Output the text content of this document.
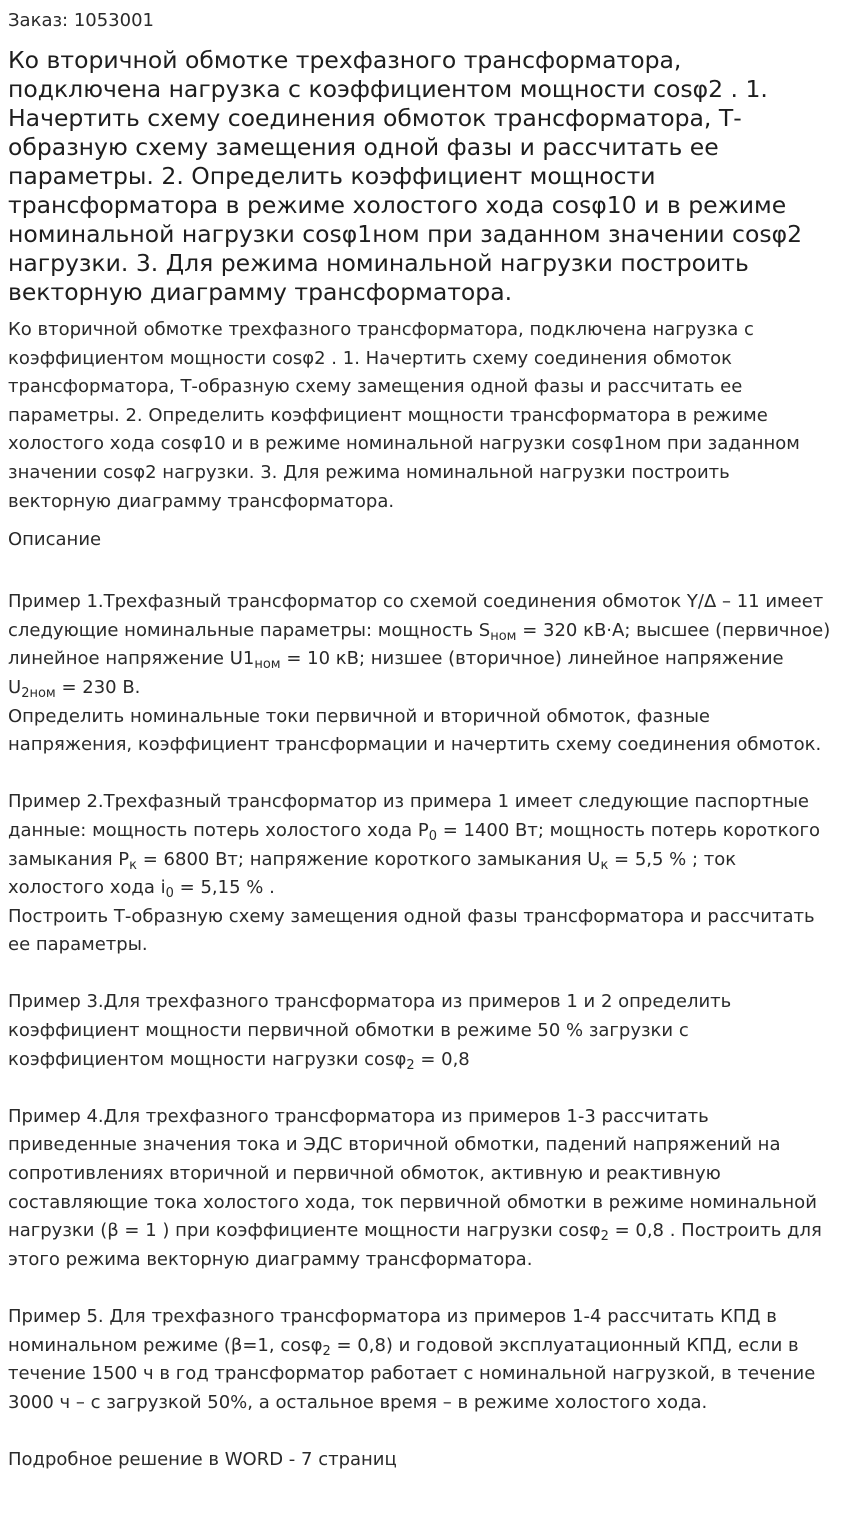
Заказ: 1053001
Ко вторичной обмотке трехфазного трансформатора, подключена нагрузка с коэффициентом мощности cosφ2 . 1. Начертить схему соединения обмоток трансформатора, Т-образную схему замещения одной фазы и рассчитать ее параметры. 2. Определить коэффициент мощности трансформатора в режиме холостого хода cosφ10 и в режиме номинальной нагрузки cosφ1ном при заданном значении cosφ2 нагрузки. 3. Для режима номинальной нагрузки построить векторную диаграмму трансформатора.

Ко вторичной обмотке трехфазного трансформатора, подключена нагрузка с коэффициентом мощности cosφ2 . 1. Начертить схему соединения обмоток трансформатора, Т-образную схему замещения одной фазы и рассчитать ее параметры. 2. Определить коэффициент мощности трансформатора в режиме холостого хода cosφ10 и в режиме номинальной нагрузки cosφ1ном при заданном значении cosφ2 нагрузки. 3. Для режима номинальной нагрузки построить векторную диаграмму трансформатора.

Описание

Пример 1.Трехфазный трансформатор со схемой соединения обмоток Y/Δ – 11 имеет следующие номинальные параметры: мощность $S_{ном} = 320$ кВ·А; высшее (первичное) линейное напряжение $U1_{ном} = 10$ кВ; низшее (вторичное) линейное напряжение $U_{2ном} = 230$ В.
Определить номинальные токи первичной и вторичной обмоток, фазные напряжения, коэффициент трансформации и начертить схему соединения обмоток.

Пример 2.Трехфазный трансформатор из примера 1 имеет следующие паспортные данные: мощность потерь холостого хода $P_0 = 1400$ Вт; мощность потерь короткого замыкания $P_к = 6800$ Вт; напряжение короткого замыкания $U_к = 5,5$ % ; ток холостого хода $i_0 = 5,15$ % .
Построить Т-образную схему замещения одной фазы трансформатора и рассчитать ее параметры.

Пример 3.Для трехфазного трансформатора из примеров 1 и 2 определить коэффициент мощности первичной обмотки в режиме 50 % загрузки с коэффициентом мощности нагрузки cosφ$_2$ = 0,8

Пример 4.Для трехфазного трансформатора из примеров 1-3 рассчитать приведенные значения тока и ЭДС вторичной обмотки, падений напряжений на сопротивлениях вторичной и первичной обмоток, активную и реактивную составляющие тока холостого хода, ток первичной обмотки в режиме номинальной нагрузки (β = 1 ) при коэффициенте мощности нагрузки cosφ$_2$ = 0,8 . Построить для этого режима векторную диаграмму трансформатора.

Пример 5. Для трехфазного трансформатора из примеров 1-4 рассчитать КПД в номинальном режиме (β=1, cosφ$_2$ = 0,8) и годовой эксплуатационный КПД, если в течение 1500 ч в год трансформатор работает с номинальной нагрузкой, в течение 3000 ч – с загрузкой 50%, а остальное время – в режиме холостого хода.

Подробное решение в WORD - 7 страниц
